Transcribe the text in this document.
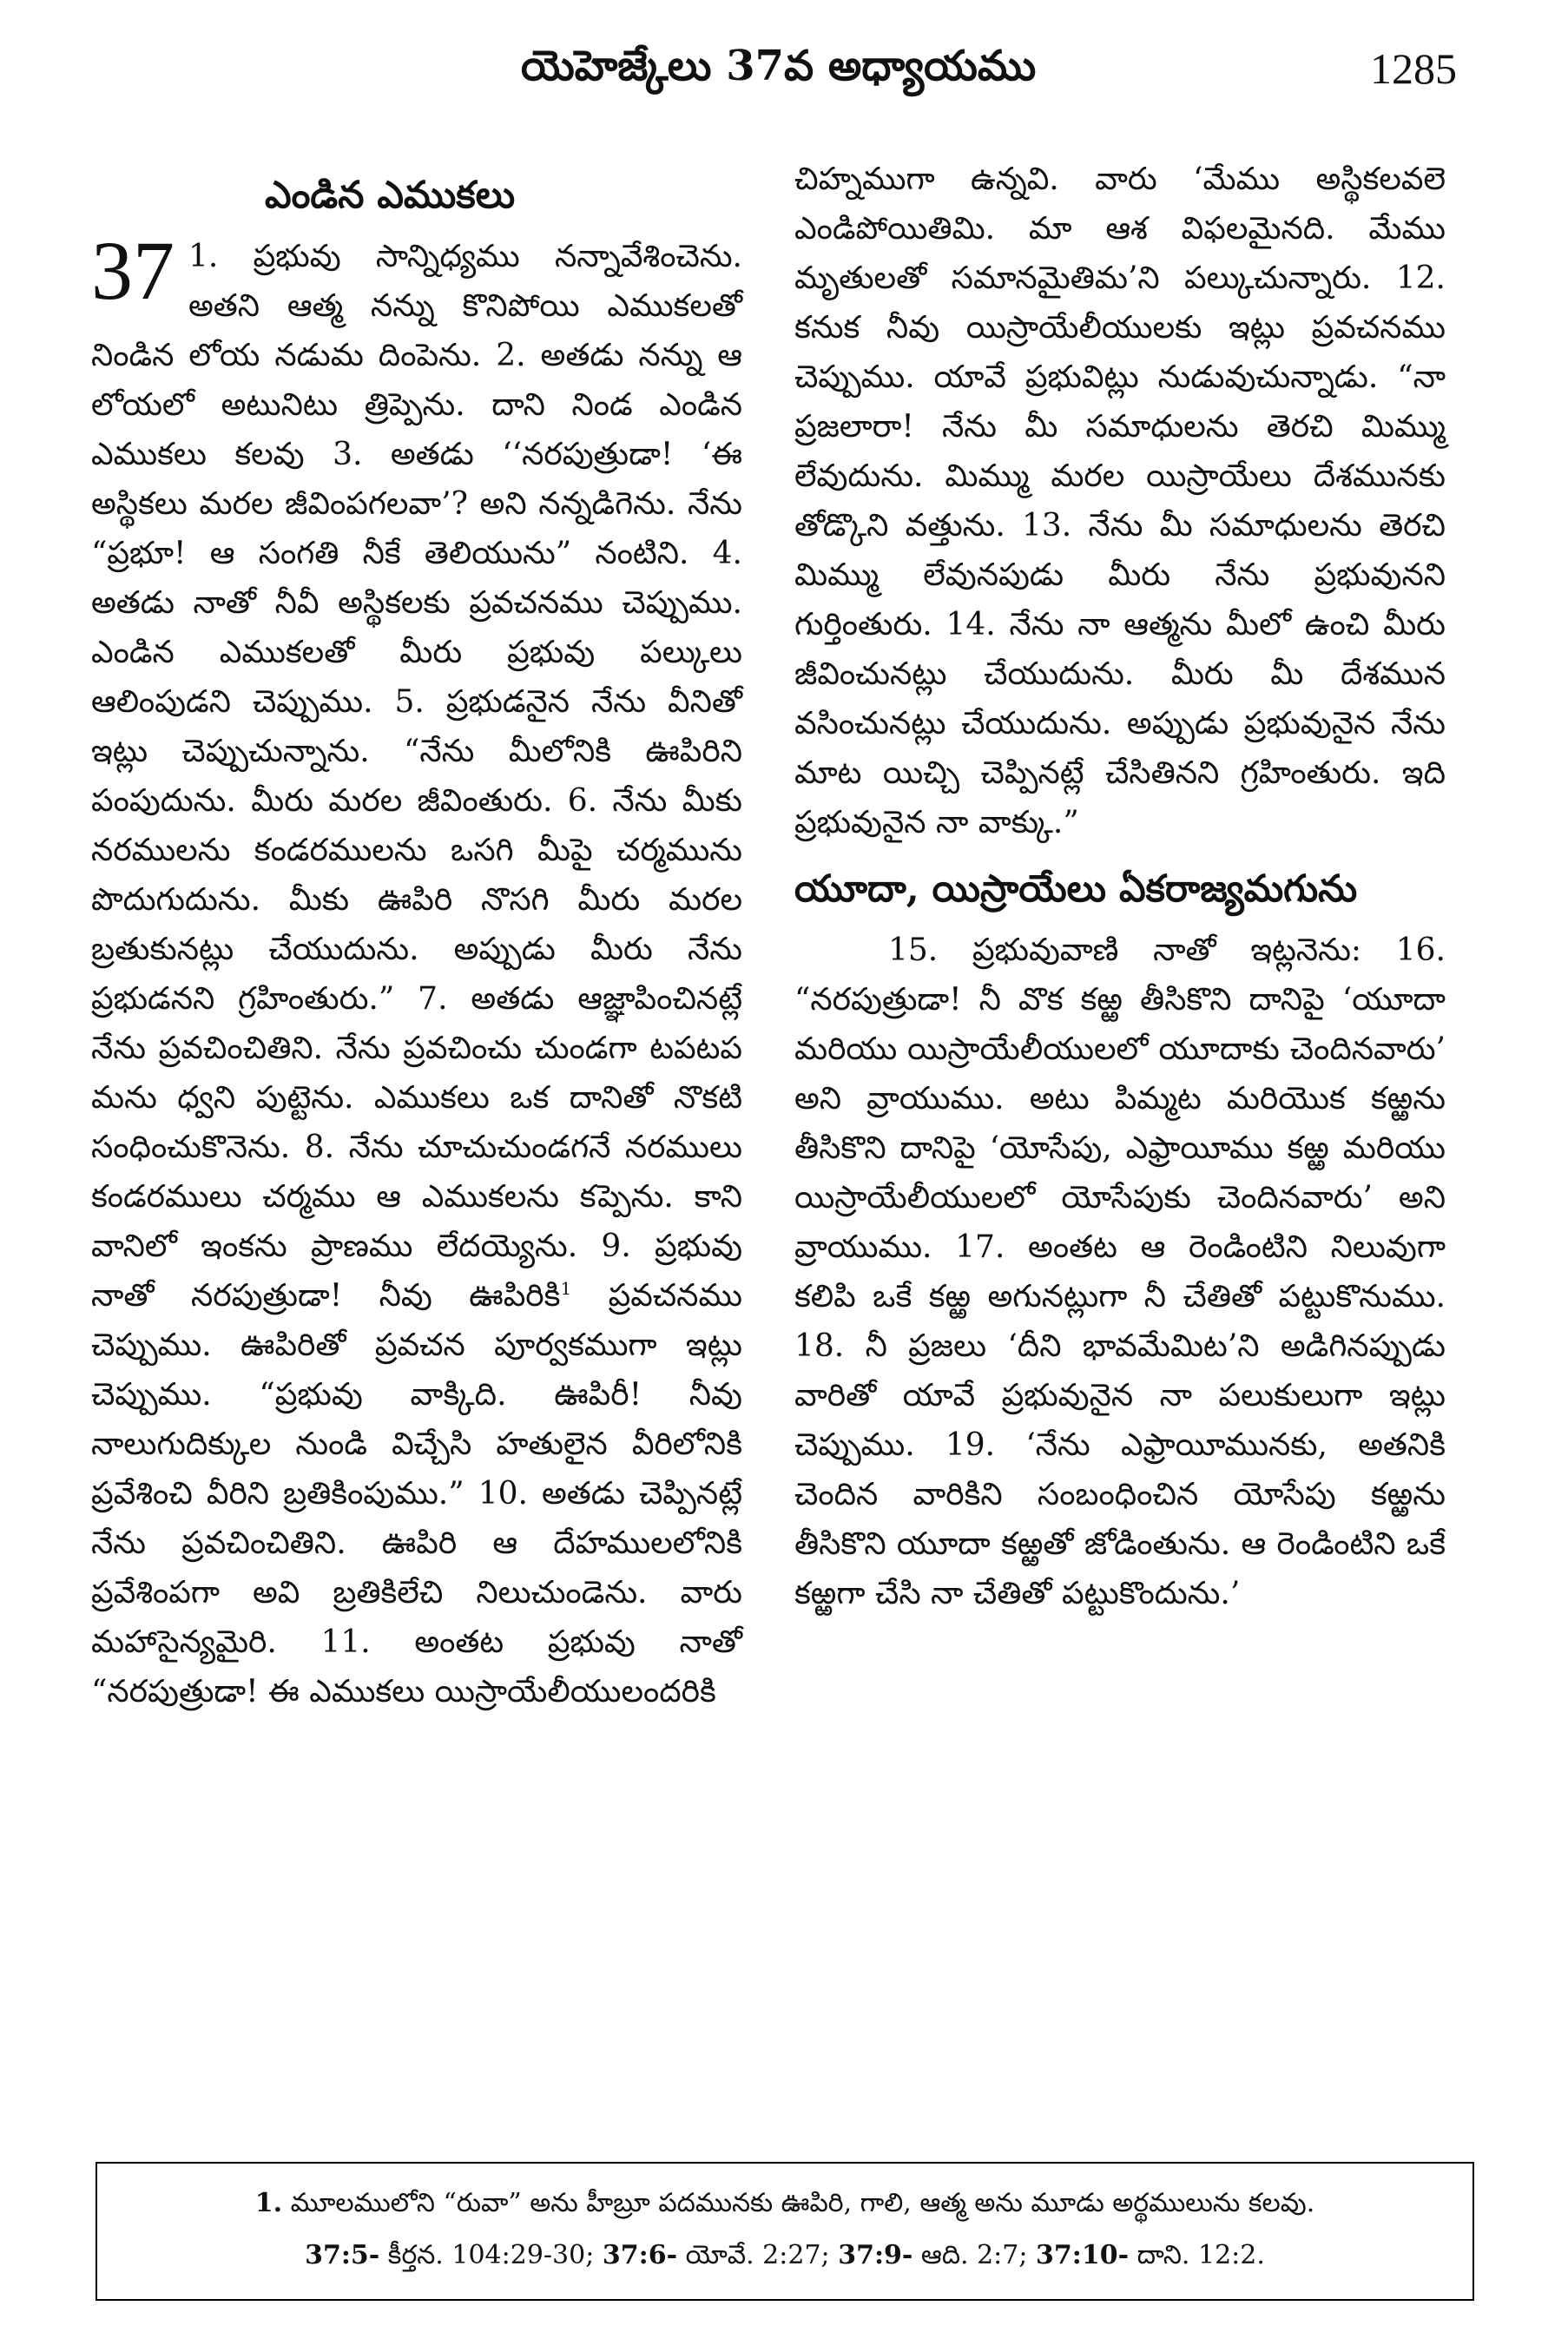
యెహెజ్కేలు 37వ అధ్యాయము	1285
ఎండిన ఎముకలు

37 1. ప్రభువు సాన్నిధ్యము నన్నావేశించెను. అతని ఆత్మ నన్ను కొనిపోయి ఎముకలతో నిండిన లోయ నడుమ దింపెను. 2. అతడు నన్ను ఆ లోయలో అటునిటు త్రిప్పెను. దాని నిండ ఎండిన ఎముకలు కలవు 3. అతడు ‘‘నరపుత్రుడా! ‘ఈ అస్థికలు మరల జీవింపగలవా’? అని నన్నడిగెను. నేను “ప్రభూ! ఆ సంగతి నీకే తెలియును” నంటిని. 4. అతడు నాతో నీవీ అస్థికలకు ప్రవచనము చెప్పుము. ఎండిన ఎముకలతో మీరు ప్రభువు పల్కులు ఆలింపుడని చెప్పుము. 5. ప్రభుడనైన నేను వీనితో ఇట్లు చెప్పుచున్నాను. “నేను మీలోనికి ఊపిరిని పంపుదును. మీరు మరల జీవింతురు. 6. నేను మీకు నరములను కండరములను ఒసగి మీపై చర్మమును పొదుగుదును. మీకు ఊపిరి నొసగి మీరు మరల బ్రతుకునట్లు చేయుదును. అప్పుడు మీరు నేను ప్రభుడనని గ్రహింతురు.” 7. అతడు ఆజ్ఞాపించినట్లే నేను ప్రవచించితిని. నేను ప్రవచించు చుండగా టపటప మను ధ్వని పుట్టెను. ఎముకలు ఒక దానితో నొకటి సంధించుకొనెను. 8. నేను చూచుచుండగనే నరములు కండరములు చర్మము ఆ ఎముకలను కప్పెను. కాని వానిలో ఇంకను ప్రాణము లేదయ్యెను. 9. ప్రభువు నాతో నరపుత్రుడా! నీవు ఊపిరికి$^1$ ప్రవచనము చెప్పుము. ఊపిరితో ప్రవచన పూర్వకముగా ఇట్లు చెప్పుము. “ప్రభువు వాక్కిది. ఊపిరీ! నీవు నాలుగుదిక్కుల నుండి విచ్చేసి హతులైన వీరిలోనికి ప్రవేశించి వీరిని బ్రతికింపుము.” 10. అతడు చెప్పినట్లే నేను ప్రవచించితిని. ఊపిరి ఆ దేహములలోనికి ప్రవేశింపగా అవి బ్రతికిలేచి నిలుచుండెను. వారు మహాసైన్యమైరి. 11. అంతట ప్రభువు నాతో “నరపుత్రుడా! ఈ ఎముకలు యిస్రాయేలీయులందరికి

చిహ్నముగా ఉన్నవి. వారు ‘మేము అస్థికలవలె ఎండిపోయితిమి. మా ఆశ విఫలమైనది. మేము మృతులతో సమానమైతిమ’ని పల్కుచున్నారు. 12. కనుక నీవు యిస్రాయేలీయులకు ఇట్లు ప్రవచనము చెప్పుము. యావే ప్రభువిట్లు నుడువుచున్నాడు. “నా ప్రజలారా! నేను మీ సమాధులను తెరచి మిమ్ము లేవుదును. మిమ్ము మరల యిస్రాయేలు దేశమునకు తోడ్కొని వత్తును. 13. నేను మీ సమాధులను తెరచి మిమ్ము లేవునపుడు మీరు నేను ప్రభువునని గుర్తింతురు. 14. నేను నా ఆత్మను మీలో ఉంచి మీరు జీవించునట్లు చేయుదును. మీరు మీ దేశమున వసించునట్లు చేయుదును. అప్పుడు ప్రభువునైన నేను మాట యిచ్చి చెప్పినట్లే చేసితినని గ్రహింతురు. ఇది ప్రభువునైన నా వాక్కు.”

యూదా, యిస్రాయేలు ఏకరాజ్యమగును

15. ప్రభువువాణి నాతో ఇట్లనెను: 16. “నరపుత్రుడా! నీ వొక కఱ్ఱ తీసికొని దానిపై ‘యూదా మరియు యిస్రాయేలీయులలో యూదాకు చెందినవారు’ అని వ్రాయుము. అటు పిమ్మట మరియొక కఱ్ఱను తీసికొని దానిపై ‘యోసేపు, ఎఫ్రాయీము కఱ్ఱ మరియు యిస్రాయేలీయులలో యోసేపుకు చెందినవారు’ అని వ్రాయుము. 17. అంతట ఆ రెండింటిని నిలువుగా కలిపి ఒకే కఱ్ఱ అగునట్లుగా నీ చేతితో పట్టుకొనుము. 18. నీ ప్రజలు ‘దీని భావమేమిట’ని అడిగినప్పుడు వారితో యావే ప్రభువునైన నా పలుకులుగా ఇట్లు చెప్పుము. 19. ‘నేను ఎఫ్రాయీమునకు, అతనికి చెందిన వారికిని సంబంధించిన యోసేపు కఱ్ఱను తీసికొని యూదా కఱ్ఱతో జోడింతును. ఆ రెండింటిని ఒకే కఱ్ఱగా చేసి నా చేతితో పట్టుకొందును.’

1. మూలములోని “రువా” అను హీబ్రూ పదమునకు ఊపిరి, గాలి, ఆత్మ అను మూడు అర్థములును కలవు.
37:5- కీర్తన. 104:29-30; 37:6- యోవే. 2:27; 37:9- ఆది. 2:7; 37:10- దాని. 12:2.
